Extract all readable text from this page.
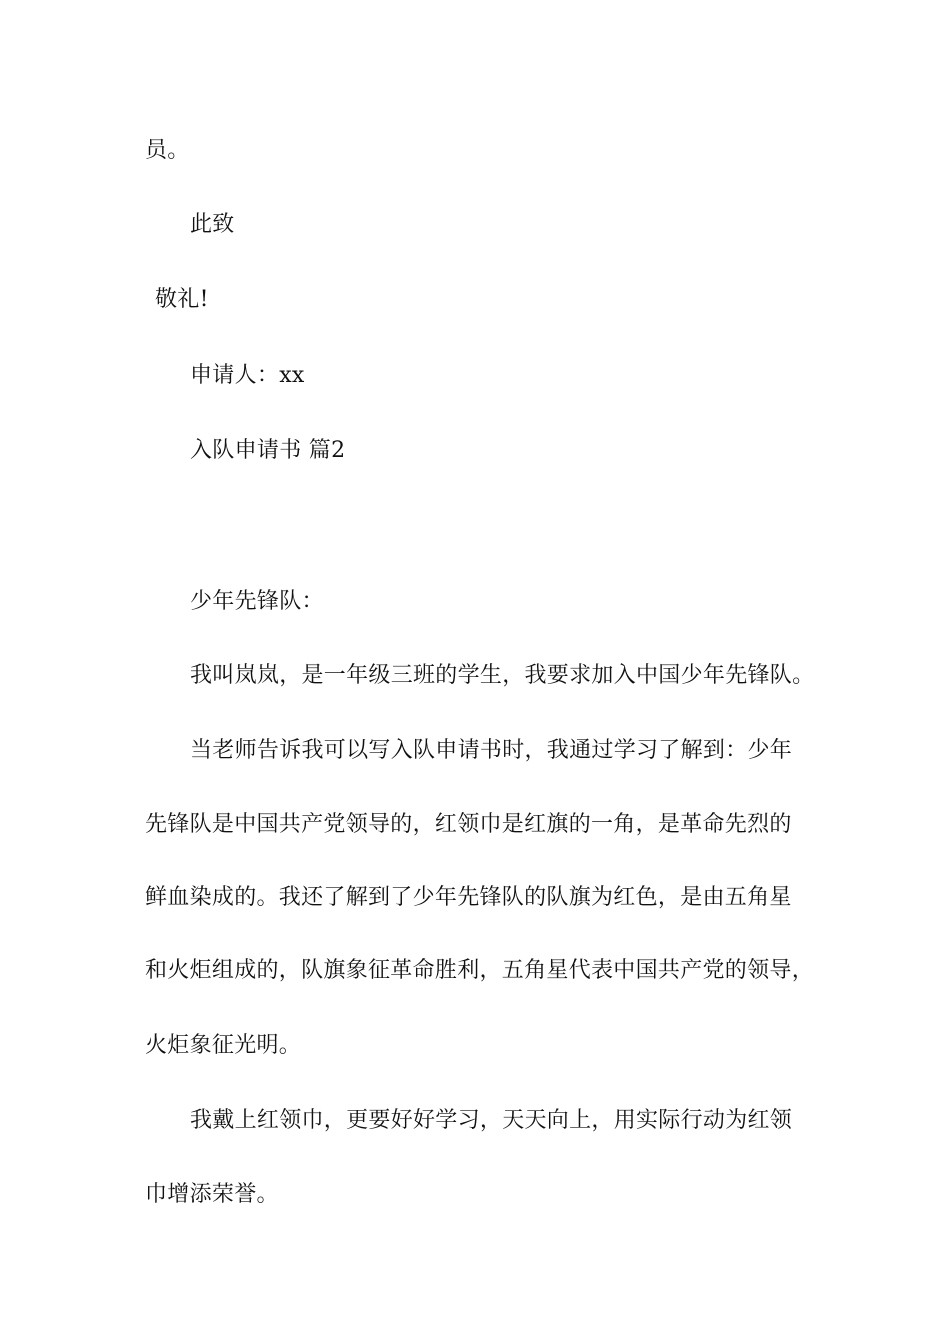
员。
此致
敬礼!
申请人：xx
入队申请书 篇2
少年先锋队：
我叫岚岚，是一年级三班的学生，我要求加入中国少年先锋队。
当老师告诉我可以写入队申请书时，我通过学习了解到：少年
先锋队是中国共产党领导的，红领巾是红旗的一角，是革命先烈的
鲜血染成的。我还了解到了少年先锋队的队旗为红色，是由五角星
和火炬组成的，队旗象征革命胜利，五角星代表中国共产党的领导，
火炬象征光明。
我戴上红领巾，更要好好学习，天天向上，用实际行动为红领
巾增添荣誉。
